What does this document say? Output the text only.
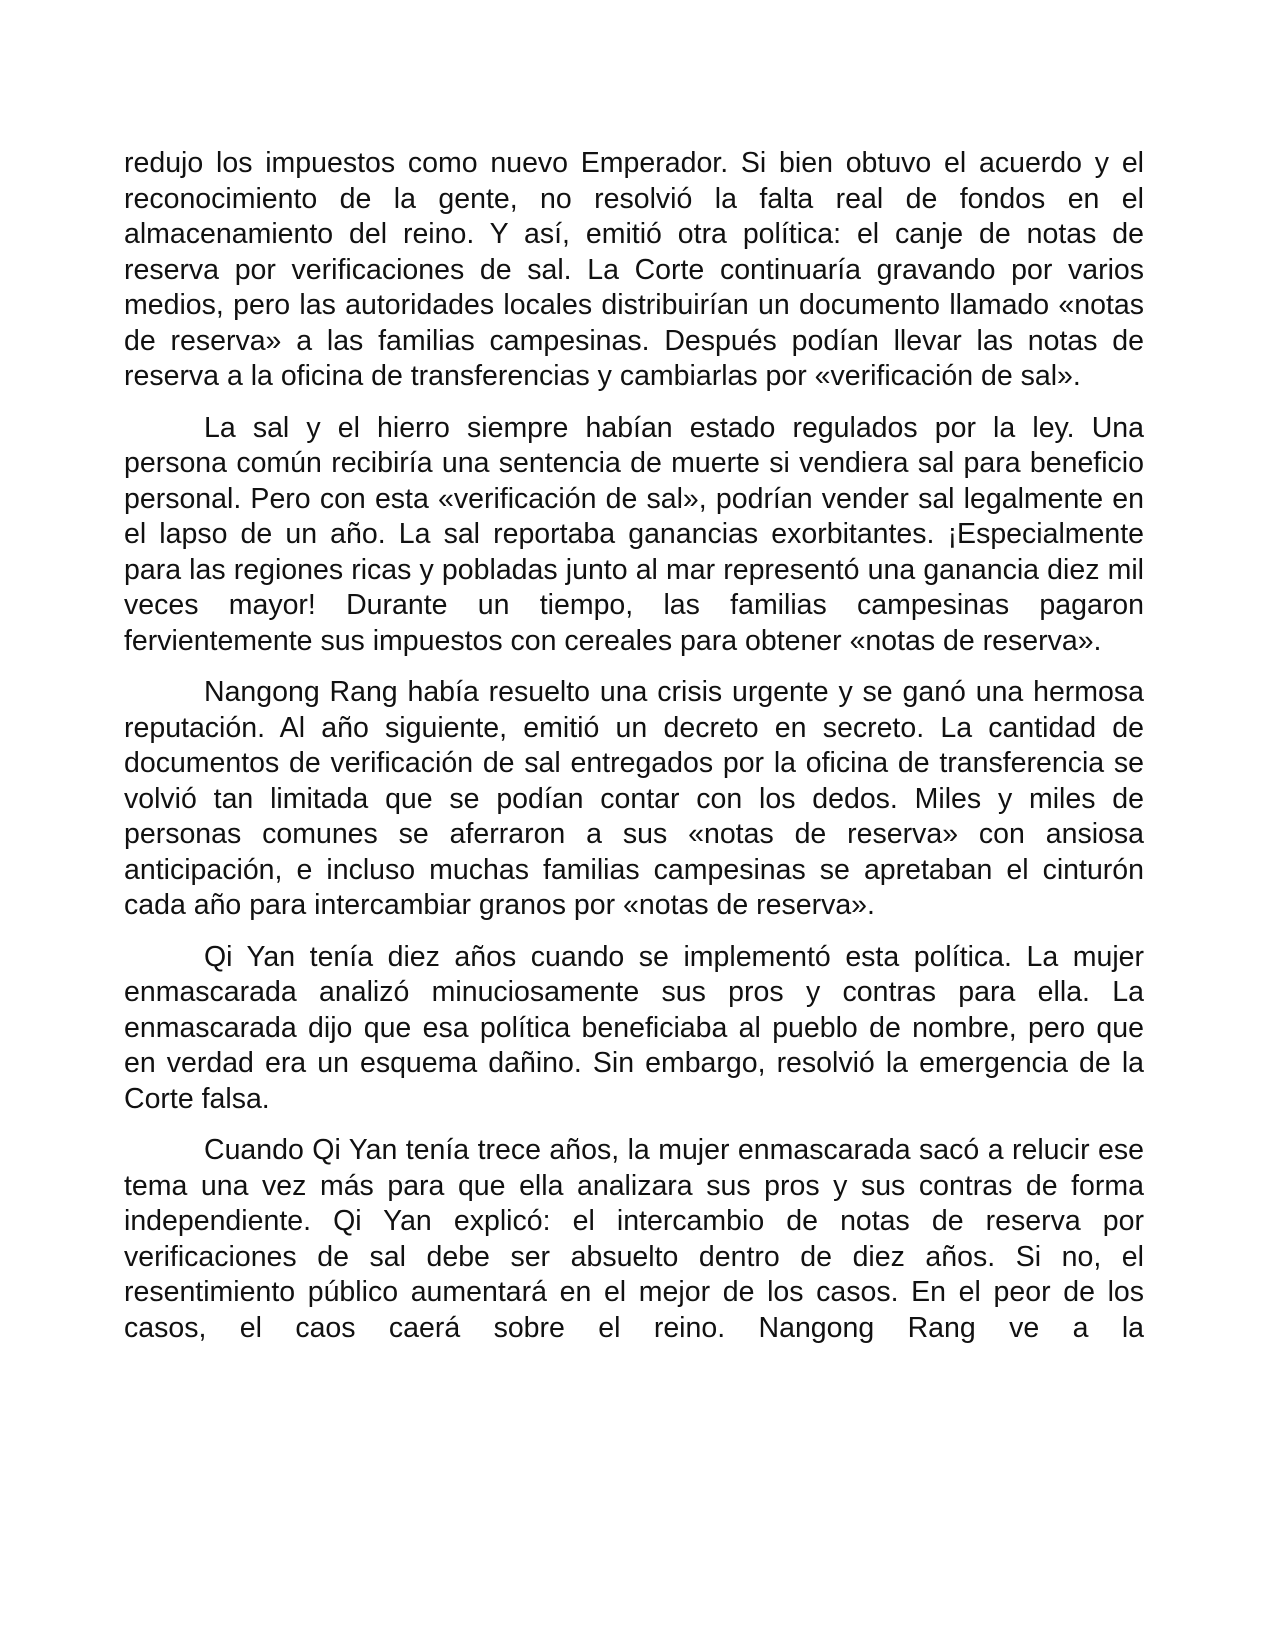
redujo los impuestos como nuevo Emperador. Si bien obtuvo el acuerdo y el reconocimiento de la gente, no resolvió la falta real de fondos en el almacenamiento del reino. Y así, emitió otra política: el canje de notas de reserva por verificaciones de sal. La Corte continuaría gravando por varios medios, pero las autoridades locales distribuirían un documento llamado «notas de reserva» a las familias campesinas. Después podían llevar las notas de reserva a la oficina de transferencias y cambiarlas por «verificación de sal».

La sal y el hierro siempre habían estado regulados por la ley. Una persona común recibiría una sentencia de muerte si vendiera sal para beneficio personal. Pero con esta «verificación de sal», podrían vender sal legalmente en el lapso de un año. La sal reportaba ganancias exorbitantes. ¡Especialmente para las regiones ricas y pobladas junto al mar representó una ganancia diez mil veces mayor! Durante un tiempo, las familias campesinas pagaron fervientemente sus impuestos con cereales para obtener «notas de reserva».

Nangong Rang había resuelto una crisis urgente y se ganó una hermosa reputación. Al año siguiente, emitió un decreto en secreto. La cantidad de documentos de verificación de sal entregados por la oficina de transferencia se volvió tan limitada que se podían contar con los dedos. Miles y miles de personas comunes se aferraron a sus «notas de reserva» con ansiosa anticipación, e incluso muchas familias campesinas se apretaban el cinturón cada año para intercambiar granos por «notas de reserva».

Qi Yan tenía diez años cuando se implementó esta política. La mujer enmascarada analizó minuciosamente sus pros y contras para ella. La enmascarada dijo que esa política beneficiaba al pueblo de nombre, pero que en verdad era un esquema dañino. Sin embargo, resolvió la emergencia de la Corte falsa.

Cuando Qi Yan tenía trece años, la mujer enmascarada sacó a relucir ese tema una vez más para que ella analizara sus pros y sus contras de forma independiente. Qi Yan explicó: el intercambio de notas de reserva por verificaciones de sal debe ser absuelto dentro de diez años. Si no, el resentimiento público aumentará en el mejor de los casos. En el peor de los casos, el caos caerá sobre el reino. Nangong Rang ve a la
